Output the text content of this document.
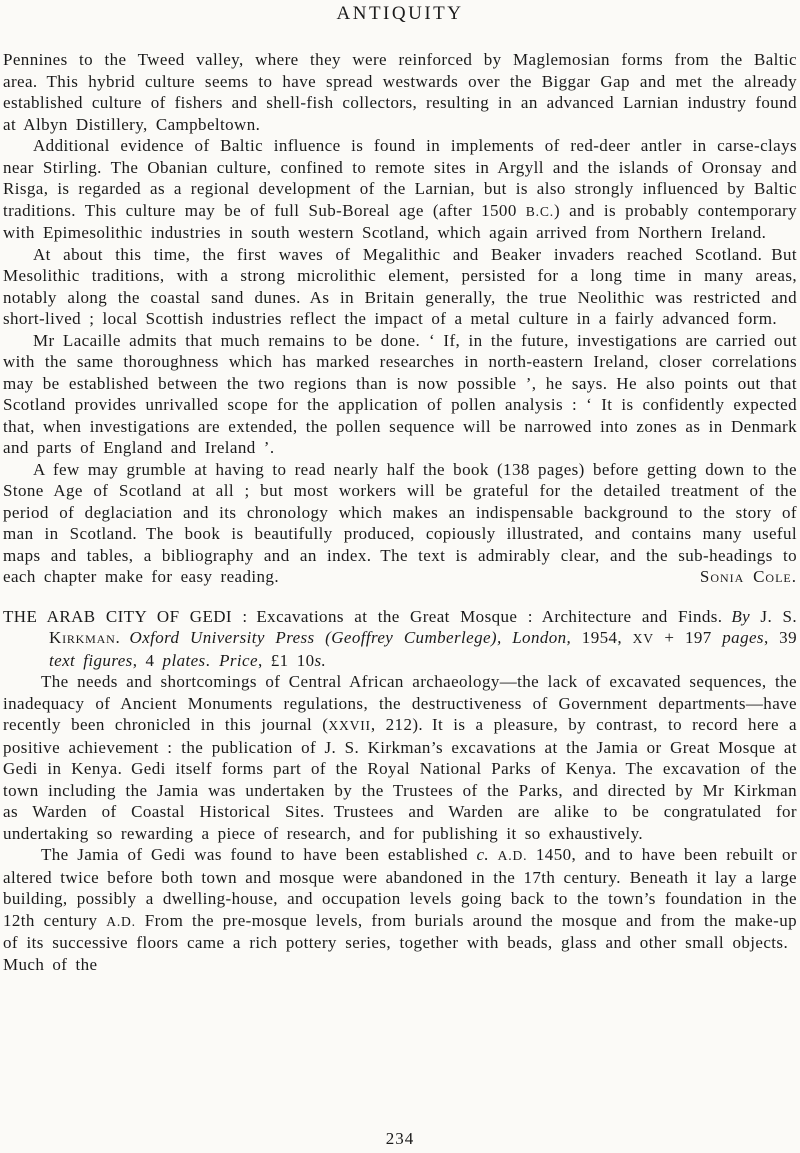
ANTIQUITY

Pennines to the Tweed valley, where they were reinforced by Maglemosian forms from the Baltic area. This hybrid culture seems to have spread westwards over the Biggar Gap and met the already established culture of fishers and shell-fish collectors, resulting in an advanced Larnian industry found at Albyn Distillery, Campbeltown.

Additional evidence of Baltic influence is found in implements of red-deer antler in carse-clays near Stirling. The Obanian culture, confined to remote sites in Argyll and the islands of Oronsay and Risga, is regarded as a regional development of the Larnian, but is also strongly influenced by Baltic traditions. This culture may be of full Sub-Boreal age (after 1500 B.C.) and is probably contemporary with Epimesolithic industries in south western Scotland, which again arrived from Northern Ireland.

At about this time, the first waves of Megalithic and Beaker invaders reached Scotland. But Mesolithic traditions, with a strong microlithic element, persisted for a long time in many areas, notably along the coastal sand dunes. As in Britain generally, the true Neolithic was restricted and short-lived ; local Scottish industries reflect the impact of a metal culture in a fairly advanced form.

Mr Lacaille admits that much remains to be done. ‘ If, in the future, investigations are carried out with the same thoroughness which has marked researches in north-eastern Ireland, closer correlations may be established between the two regions than is now possible ’, he says. He also points out that Scotland provides unrivalled scope for the application of pollen analysis : ‘ It is confidently expected that, when investigations are extended, the pollen sequence will be narrowed into zones as in Denmark and parts of England and Ireland ’.

A few may grumble at having to read nearly half the book (138 pages) before getting down to the Stone Age of Scotland at all ; but most workers will be grateful for the detailed treatment of the period of deglaciation and its chronology which makes an indispensable background to the story of man in Scotland. The book is beautifully produced, copiously illustrated, and contains many useful maps and tables, a bibliography and an index. The text is admirably clear, and the sub-headings to each chapter make for easy reading.	Sonia Cole.

THE ARAB CITY OF GEDI : Excavations at the Great Mosque : Architecture and Finds. By J. S. Kirkman.  Oxford University Press (Geoffrey Cumberlege), London, 1954, XV + 197 pages, 39 text figures, 4 plates. Price, £1 10s.

The needs and shortcomings of Central African archaeology—the lack of excavated sequences, the inadequacy of Ancient Monuments regulations, the destructiveness of Government departments—have recently been chronicled in this journal (XXVII, 212). It is a pleasure, by contrast, to record here a positive achievement : the publication of J. S. Kirkman’s excavations at the Jamia or Great Mosque at Gedi in Kenya. Gedi itself forms part of the Royal National Parks of Kenya. The excavation of the town including the Jamia was undertaken by the Trustees of the Parks, and directed by Mr Kirkman as Warden of Coastal Historical Sites. Trustees and Warden are alike to be congratulated for undertaking so rewarding a piece of research, and for publishing it so exhaustively.

The Jamia of Gedi was found to have been established c. A.D. 1450, and to have been rebuilt or altered twice before both town and mosque were abandoned in the 17th century. Beneath it lay a large building, possibly a dwelling-house, and occupation levels going back to the town’s foundation in the 12th century A.D. From the pre-mosque levels, from burials around the mosque and from the make-up of its successive floors came a rich pottery series, together with beads, glass and other small objects. Much of the

234
